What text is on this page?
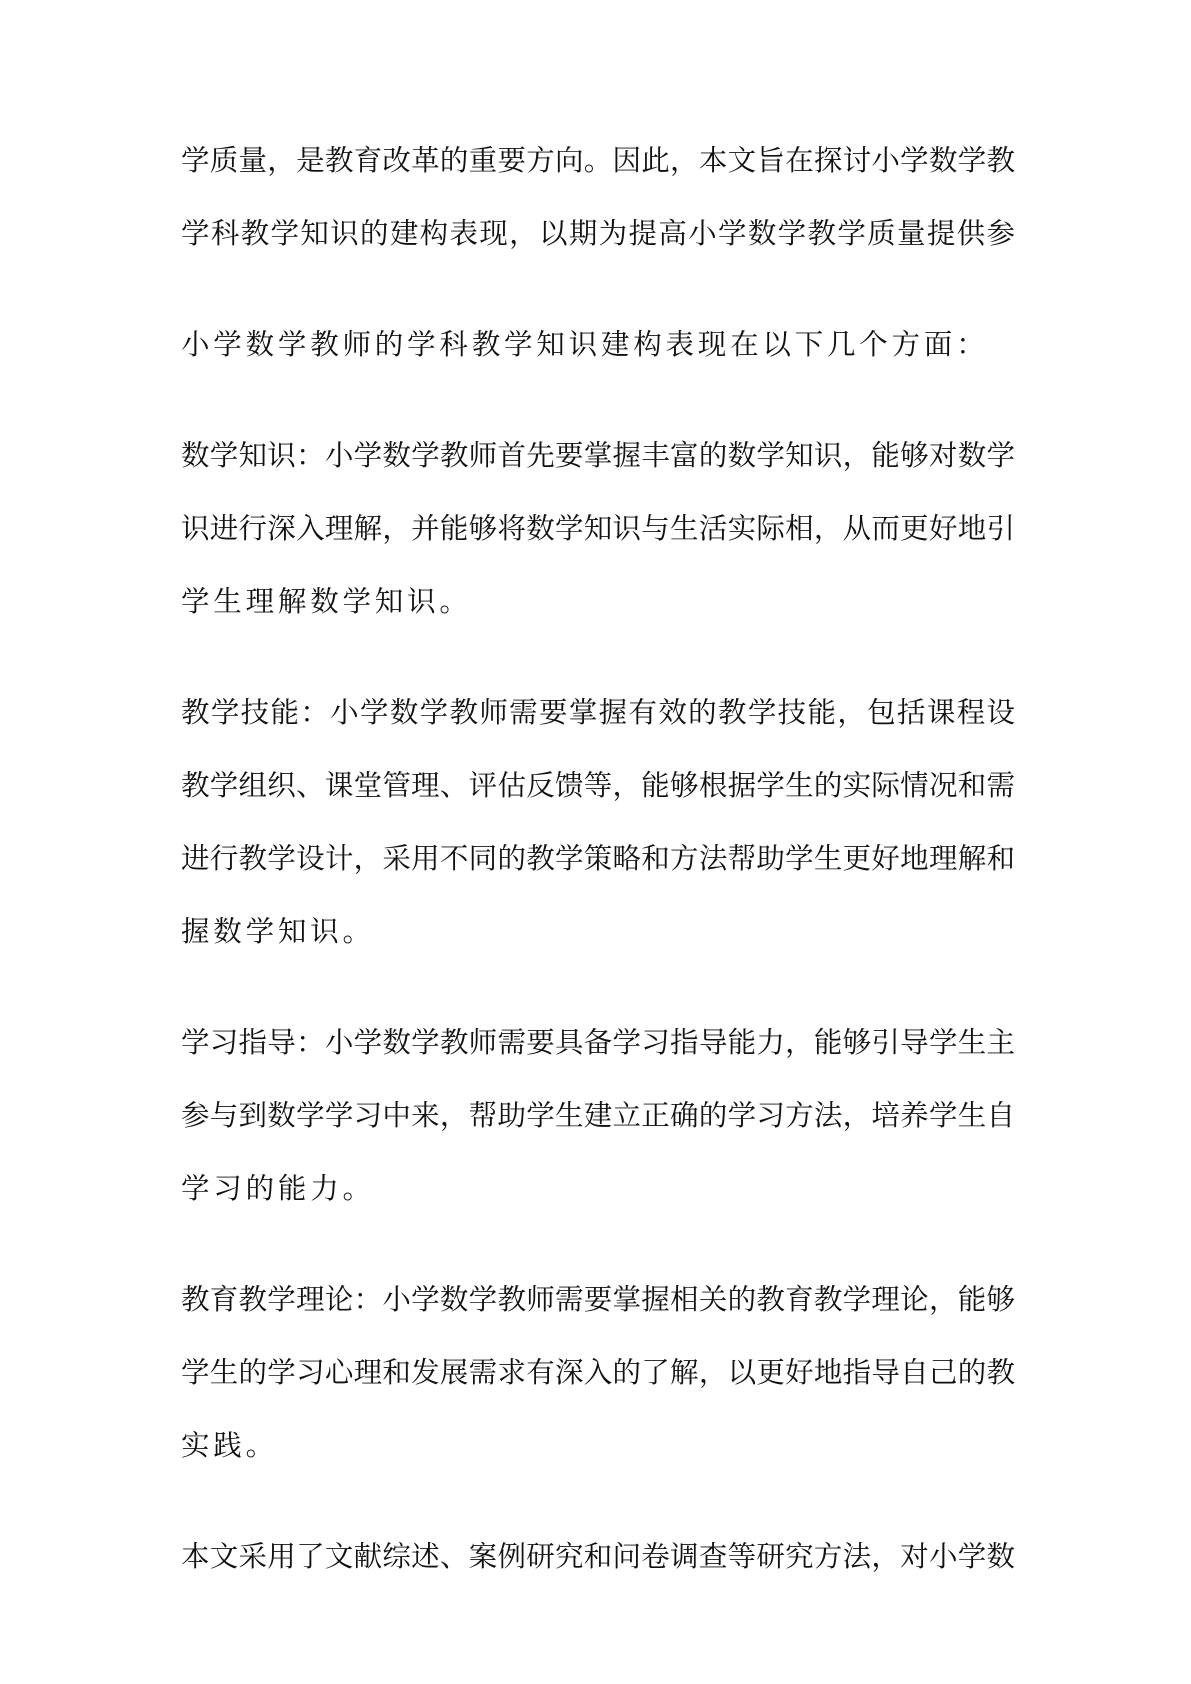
学质量，是教育改革的重要方向。因此，本文旨在探讨小学数学教
学科教学知识的建构表现，以期为提高小学数学教学质量提供参
小学数学教师的学科教学知识建构表现在以下几个方面：
数学知识：小学数学教师首先要掌握丰富的数学知识，能够对数学
识进行深入理解，并能够将数学知识与生活实际相，从而更好地引
学生理解数学知识。
教学技能：小学数学教师需要掌握有效的教学技能，包括课程设
教学组织、课堂管理、评估反馈等，能够根据学生的实际情况和需
进行教学设计，采用不同的教学策略和方法帮助学生更好地理解和
握数学知识。
学习指导：小学数学教师需要具备学习指导能力，能够引导学生主
参与到数学学习中来，帮助学生建立正确的学习方法，培养学生自
学习的能力。
教育教学理论：小学数学教师需要掌握相关的教育教学理论，能够
学生的学习心理和发展需求有深入的了解，以更好地指导自己的教
实践。
本文采用了文献综述、案例研究和问卷调查等研究方法，对小学数
